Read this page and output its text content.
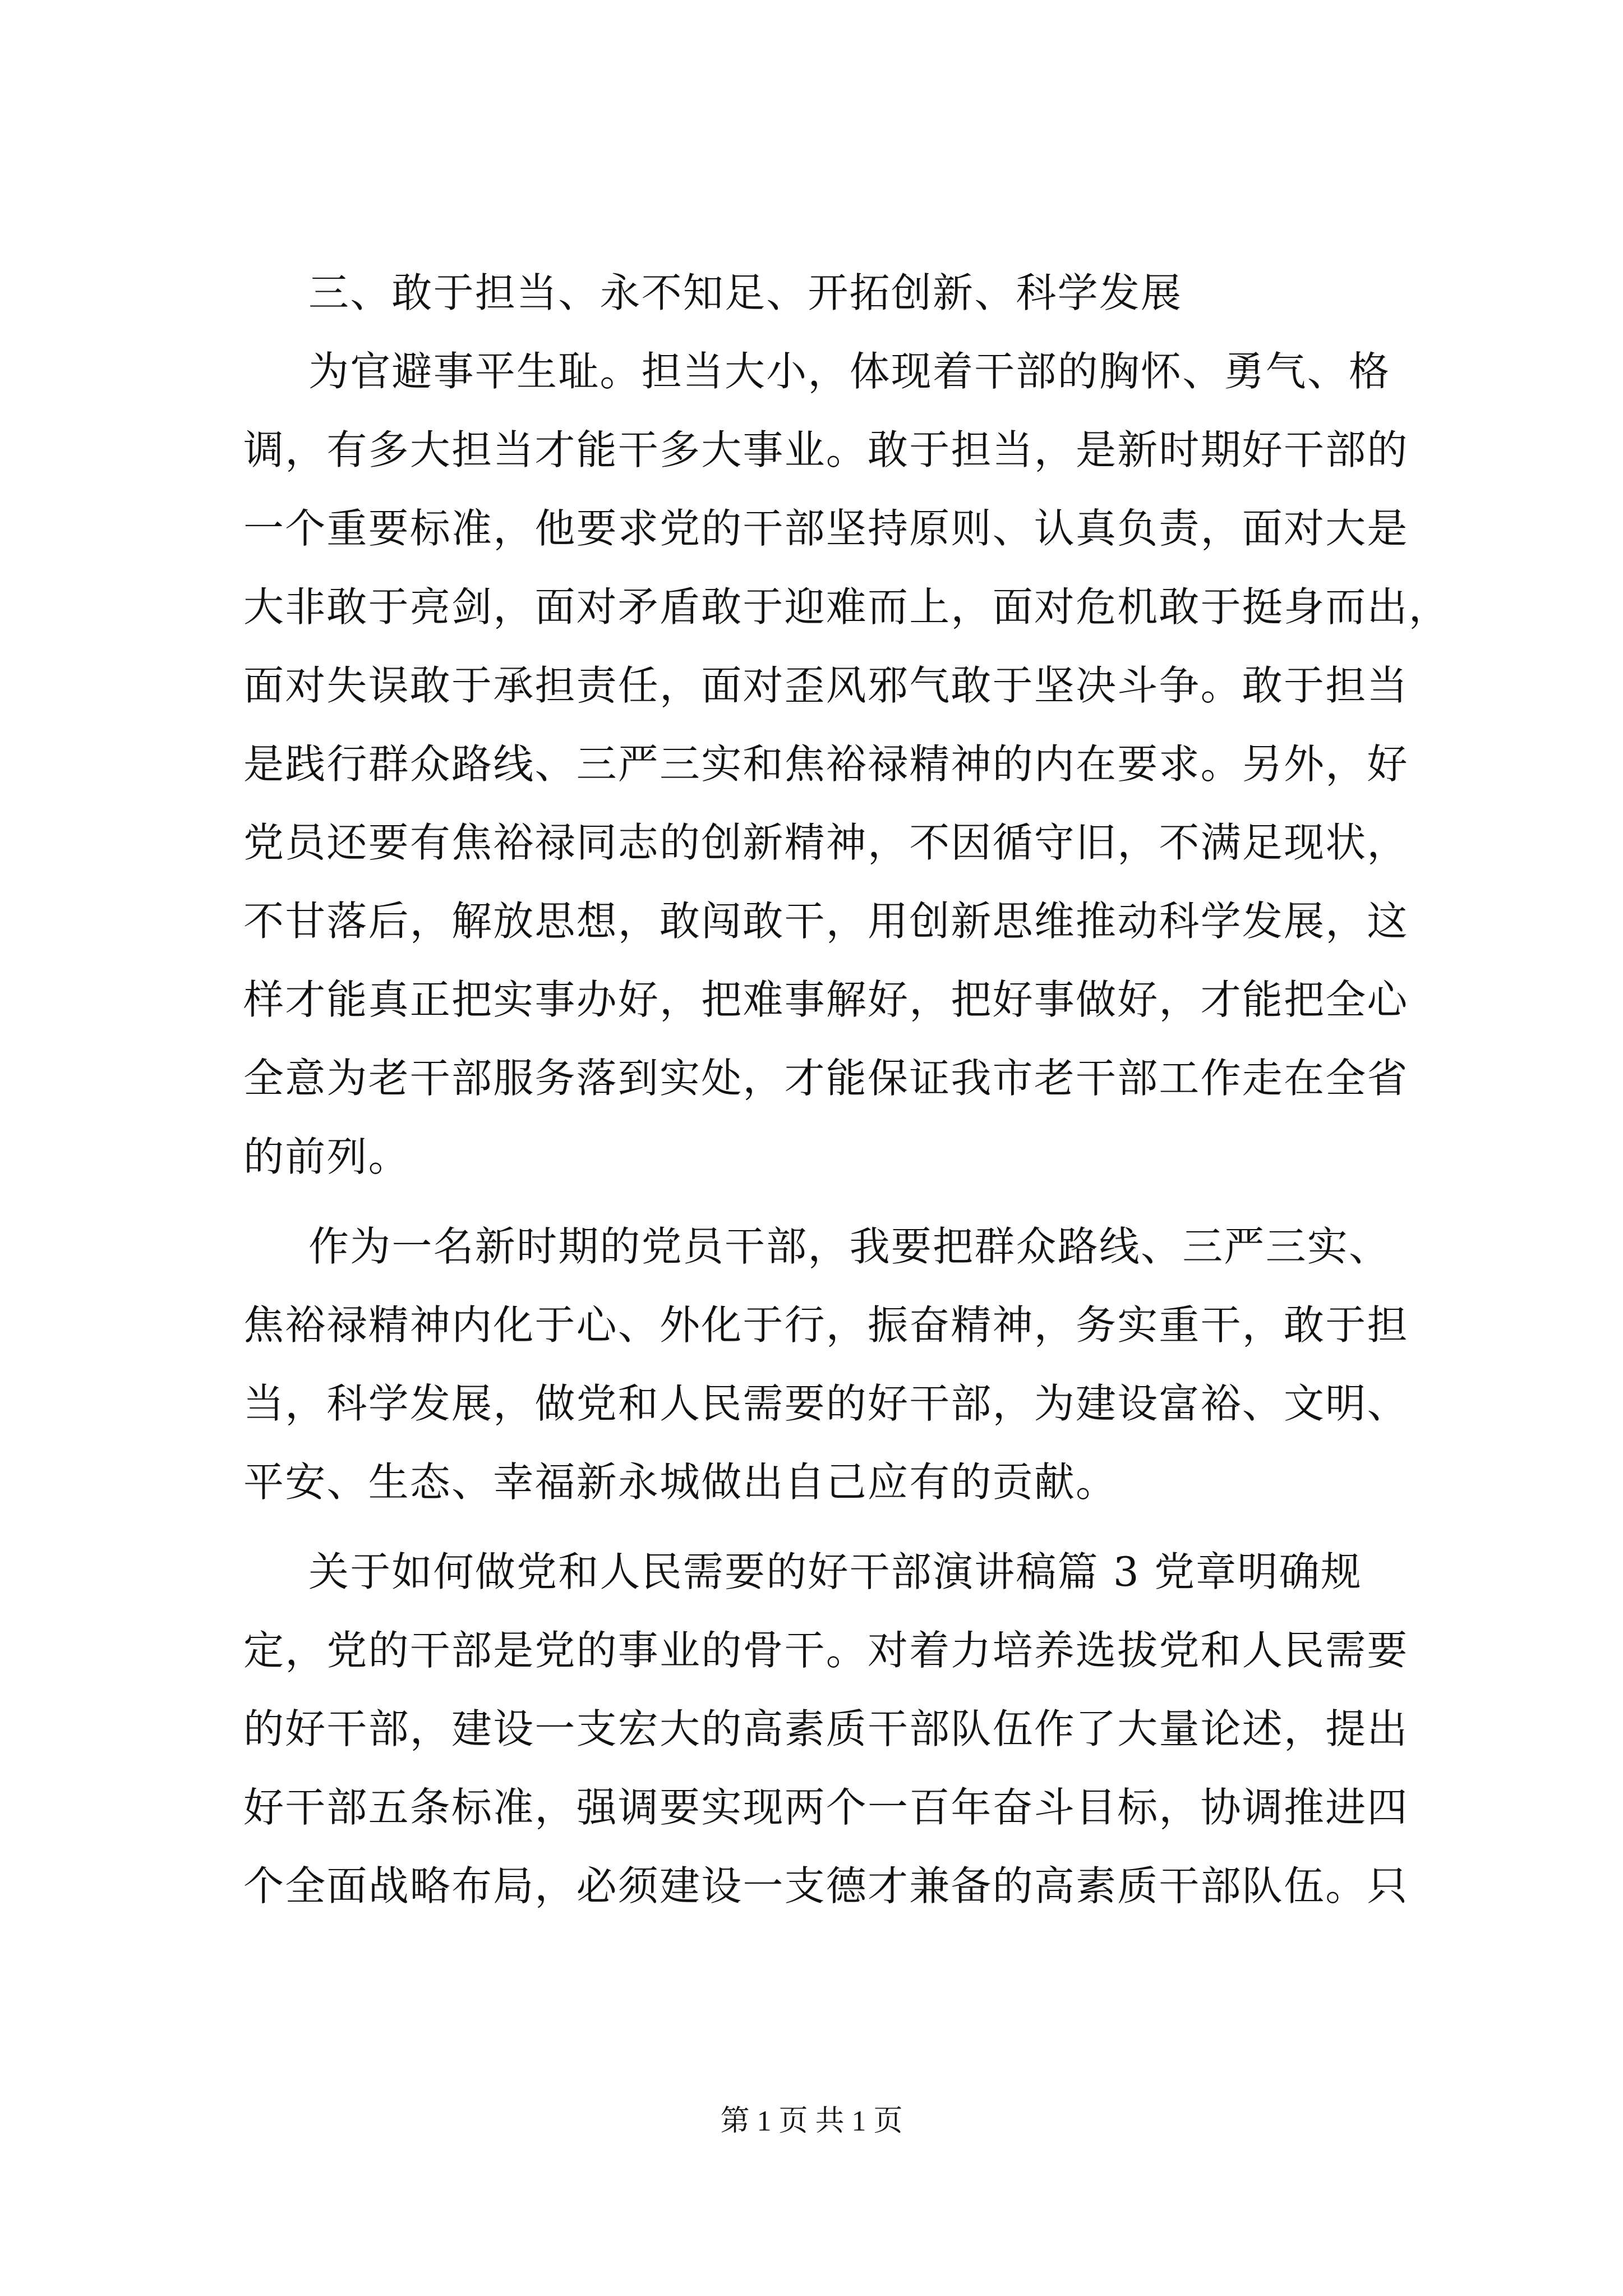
三、敢于担当、永不知足、开拓创新、科学发展
为官避事平生耻。担当大小，体现着干部的胸怀、勇气、格
调，有多大担当才能干多大事业。敢于担当，是新时期好干部的
一个重要标准，他要求党的干部坚持原则、认真负责，面对大是
大非敢于亮剑，面对矛盾敢于迎难而上，面对危机敢于挺身而出，
面对失误敢于承担责任，面对歪风邪气敢于坚决斗争。敢于担当
是践行群众路线、三严三实和焦裕禄精神的内在要求。另外，好
党员还要有焦裕禄同志的创新精神，不因循守旧，不满足现状，
不甘落后，解放思想，敢闯敢干，用创新思维推动科学发展，这
样才能真正把实事办好，把难事解好，把好事做好，才能把全心
全意为老干部服务落到实处，才能保证我市老干部工作走在全省
的前列。
作为一名新时期的党员干部，我要把群众路线、三严三实、
焦裕禄精神内化于心、外化于行，振奋精神，务实重干，敢于担
当，科学发展，做党和人民需要的好干部，为建设富裕、文明、
平安、生态、幸福新永城做出自己应有的贡献。
关于如何做党和人民需要的好干部演讲稿篇 3 党章明确规
定，党的干部是党的事业的骨干。对着力培养选拔党和人民需要
的好干部，建设一支宏大的高素质干部队伍作了大量论述，提出
好干部五条标准，强调要实现两个一百年奋斗目标，协调推进四
个全面战略布局，必须建设一支德才兼备的高素质干部队伍。只
第 1 页 共 1 页
